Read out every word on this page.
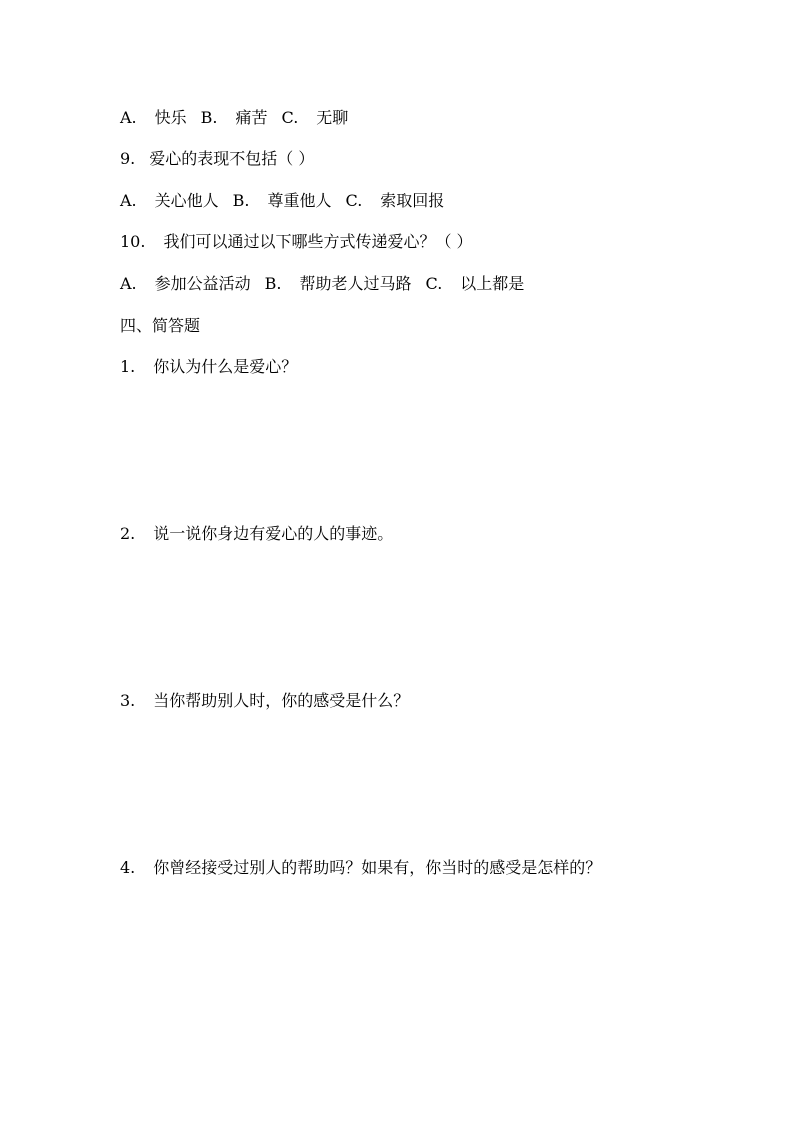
A. 快乐 B. 痛苦 C. 无聊
9. 爱心的表现不包括（ ）
A. 关心他人 B. 尊重他人 C. 索取回报
10. 我们可以通过以下哪些方式传递爱心？（ ）
A. 参加公益活动 B. 帮助老人过马路 C. 以上都是
四、简答题
1. 你认为什么是爱心？
2. 说一说你身边有爱心的人的事迹。
3. 当你帮助别人时，你的感受是什么？
4. 你曾经接受过别人的帮助吗？如果有，你当时的感受是怎样的？
